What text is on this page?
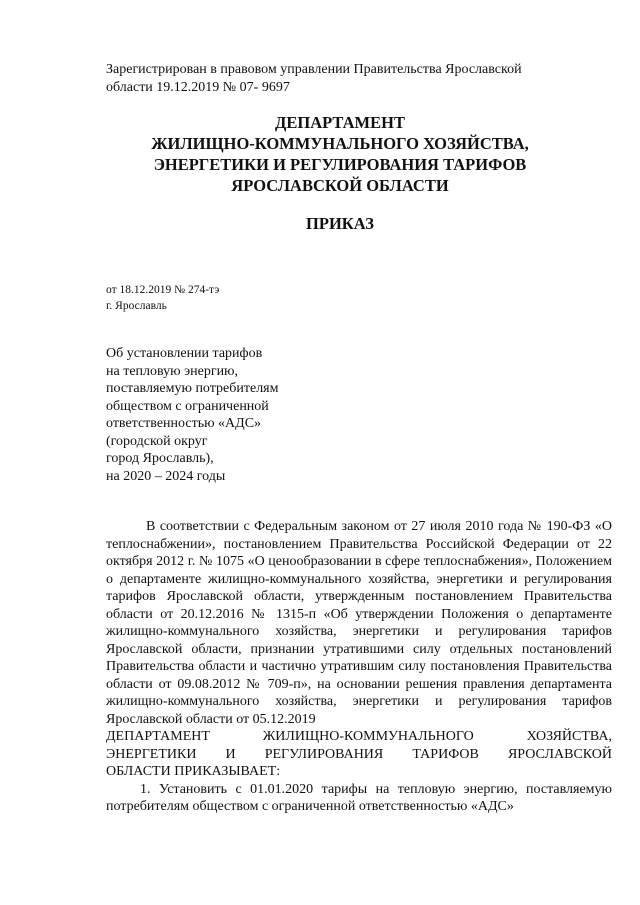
Зарегистрирован в правовом управлении Правительства Ярославской
области 19.12.2019 № 07- 9697
ДЕПАРТАМЕНТ
ЖИЛИЩНО-КОММУНАЛЬНОГО ХОЗЯЙСТВА,
ЭНЕРГЕТИКИ И РЕГУЛИРОВАНИЯ ТАРИФОВ
ЯРОСЛАВСКОЙ ОБЛАСТИ
ПРИКАЗ
от 18.12.2019 № 274-тэ
г. Ярославль
Об установлении тарифов
на тепловую энергию,
поставляемую потребителям
обществом с ограниченной
ответственностью «АДС»
(городской округ
город Ярославль),
на 2020 – 2024 годы

В соответствии с Федеральным законом от 27 июля 2010 года № 190-ФЗ «О теплоснабжении», постановлением Правительства Российской Федерации от 22 октября 2012 г. № 1075 «О ценообразовании в сфере теплоснабжения», Положением о департаменте жилищно-коммунального хозяйства, энергетики и регулирования тарифов Ярославской области, утвержденным постановлением Правительства области от 20.12.2016 № 1315-п «Об утверждении Положения о департаменте жилищно-коммунального хозяйства, энергетики и регулирования тарифов Ярославской области, признании утратившими силу отдельных постановлений Правительства области и частично утратившим силу постановления Правительства области от 09.08.2012 № 709-п», на основании решения правления департамента жилищно-коммунального хозяйства, энергетики и регулирования тарифов Ярославской области от 05.12.2019

ДЕПАРТАМЕНТ ЖИЛИЩНО-КОММУНАЛЬНОГО ХОЗЯЙСТВА,
ЭНЕРГЕТИКИ И РЕГУЛИРОВАНИЯ ТАРИФОВ ЯРОСЛАВСКОЙ
ОБЛАСТИ ПРИКАЗЫВАЕТ:

1. Установить с 01.01.2020 тарифы на тепловую энергию, поставляемую потребителям обществом с ограниченной ответственностью «АДС»
